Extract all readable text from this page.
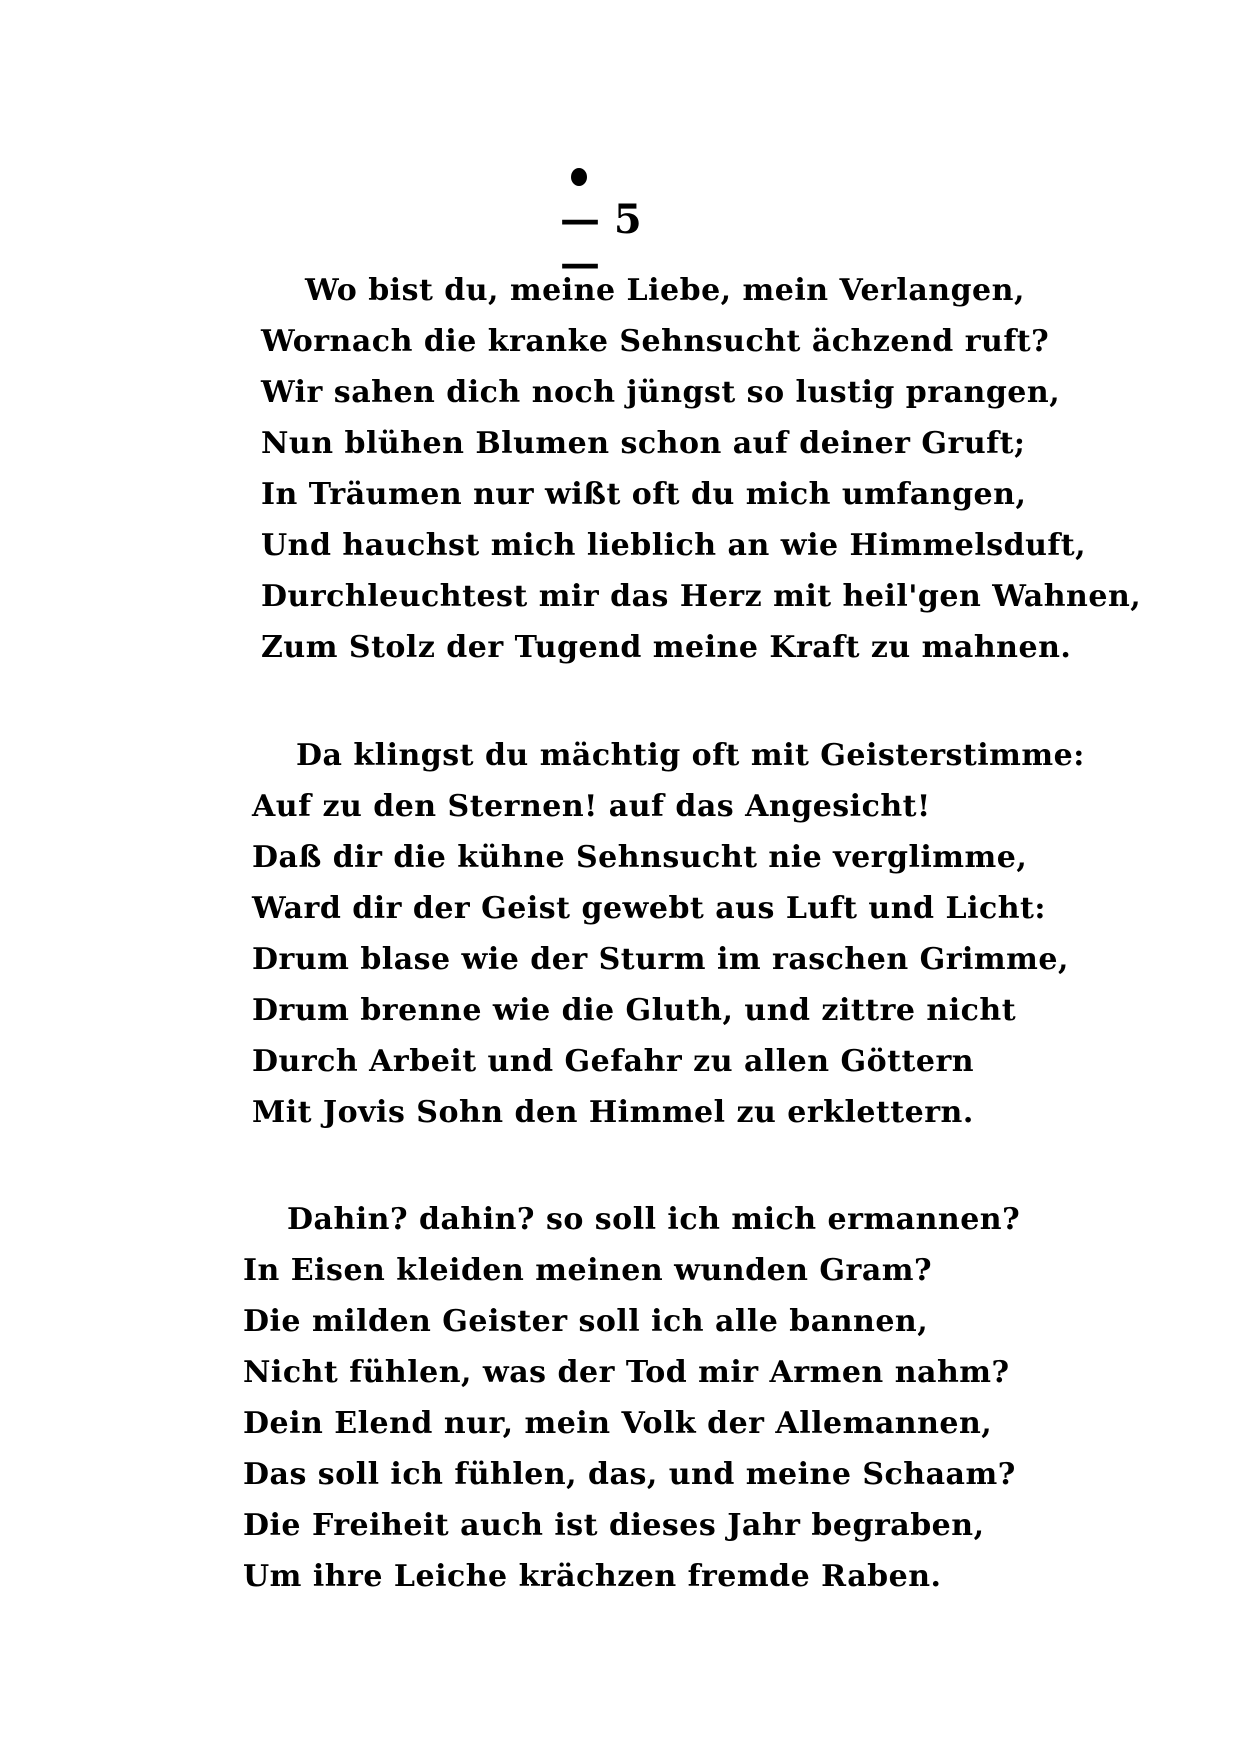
— 5 —
Wo bist du, meine Liebe, mein Verlangen,
Wornach die kranke Sehnsucht ächzend ruft?
Wir sahen dich noch jüngst so lustig prangen,
Nun blühen Blumen schon auf deiner Gruft;
In Träumen nur wißt oft du mich umfangen,
Und hauchst mich lieblich an wie Himmelsduft,
Durchleuchtest mir das Herz mit heil'gen Wahnen,
Zum Stolz der Tugend meine Kraft zu mahnen.
Da klingst du mächtig oft mit Geisterstimme:
Auf zu den Sternen! auf das Angesicht!
Daß dir die kühne Sehnsucht nie verglimme,
Ward dir der Geist gewebt aus Luft und Licht:
Drum blase wie der Sturm im raschen Grimme,
Drum brenne wie die Gluth, und zittre nicht
Durch Arbeit und Gefahr zu allen Göttern
Mit Jovis Sohn den Himmel zu erklettern.
Dahin? dahin? so soll ich mich ermannen?
In Eisen kleiden meinen wunden Gram?
Die milden Geister soll ich alle bannen,
Nicht fühlen, was der Tod mir Armen nahm?
Dein Elend nur, mein Volk der Allemannen,
Das soll ich fühlen, das, und meine Schaam?
Die Freiheit auch ist dieses Jahr begraben,
Um ihre Leiche krächzen fremde Raben.
